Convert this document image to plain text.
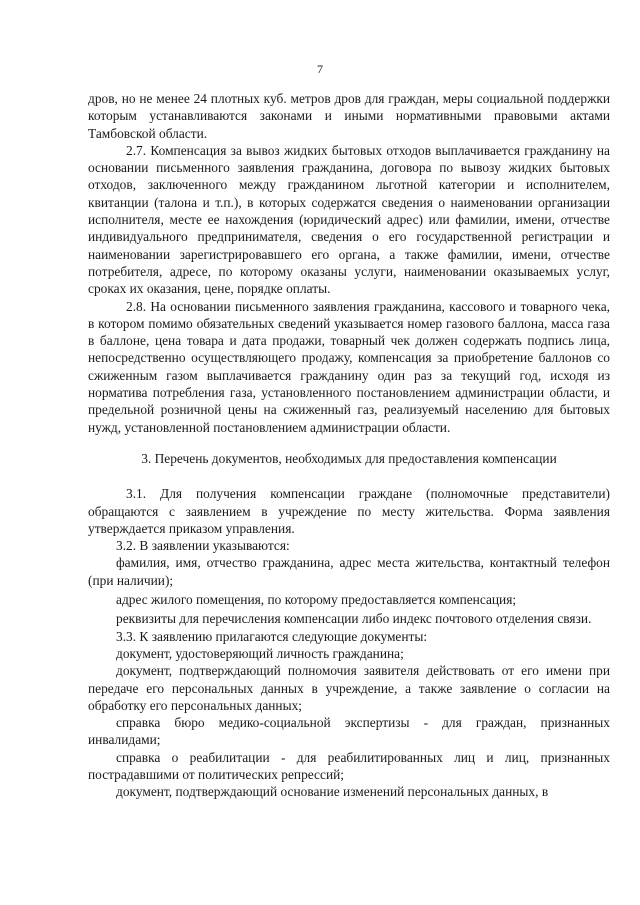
7

дров, но не менее 24 плотных куб. метров дров для граждан, меры социальной поддержки которым устанавливаются законами и иными нормативными правовыми актами Тамбовской области.

2.7. Компенсация за вывоз жидких бытовых отходов выплачивается гражданину на основании письменного заявления гражданина, договора по вывозу жидких бытовых отходов, заключенного между гражданином льготной категории и исполнителем, квитанции (талона и т.п.), в которых содержатся сведения о наименовании организации исполнителя, месте ее нахождения (юридический адрес) или фамилии, имени, отчестве индивидуального предпринимателя, сведения о его государственной регистрации и наименовании зарегистрировавшего его органа, а также фамилии, имени, отчестве потребителя, адресе, по которому оказаны услуги, наименовании оказываемых услуг, сроках их оказания, цене, порядке оплаты.

2.8. На основании письменного заявления гражданина, кассового и товарного чека, в котором помимо обязательных сведений указывается номер газового баллона, масса газа в баллоне, цена товара и дата продажи, товарный чек должен содержать подпись лица, непосредственно осуществляющего продажу, компенсация за приобретение баллонов со сжиженным газом выплачивается гражданину один раз за текущий год, исходя из норматива потребления газа, установленного постановлением администрации области, и предельной розничной цены на сжиженный газ, реализуемый населению для бытовых нужд, установленной постановлением администрации области.

3. Перечень документов, необходимых для предоставления компенсации

3.1. Для получения компенсации граждане (полномочные представители) обращаются с заявлением в учреждение по месту жительства. Форма заявления утверждается приказом управления.

3.2. В заявлении указываются:

фамилия, имя, отчество гражданина, адрес места жительства, контактный телефон (при наличии);

адрес жилого помещения, по которому предоставляется компенсация;

реквизиты для перечисления компенсации либо индекс почтового отделения связи.

3.3. К заявлению прилагаются следующие документы:

документ, удостоверяющий личность гражданина;

документ, подтверждающий полномочия заявителя действовать от его имени при передаче его персональных данных в учреждение, а также заявление о согласии на обработку его персональных данных;

справка бюро медико-социальной экспертизы - для граждан, признанных инвалидами;

справка о реабилитации - для реабилитированных лиц и лиц, признанных пострадавшими от политических репрессий;

документ, подтверждающий основание изменений персональных данных, в
